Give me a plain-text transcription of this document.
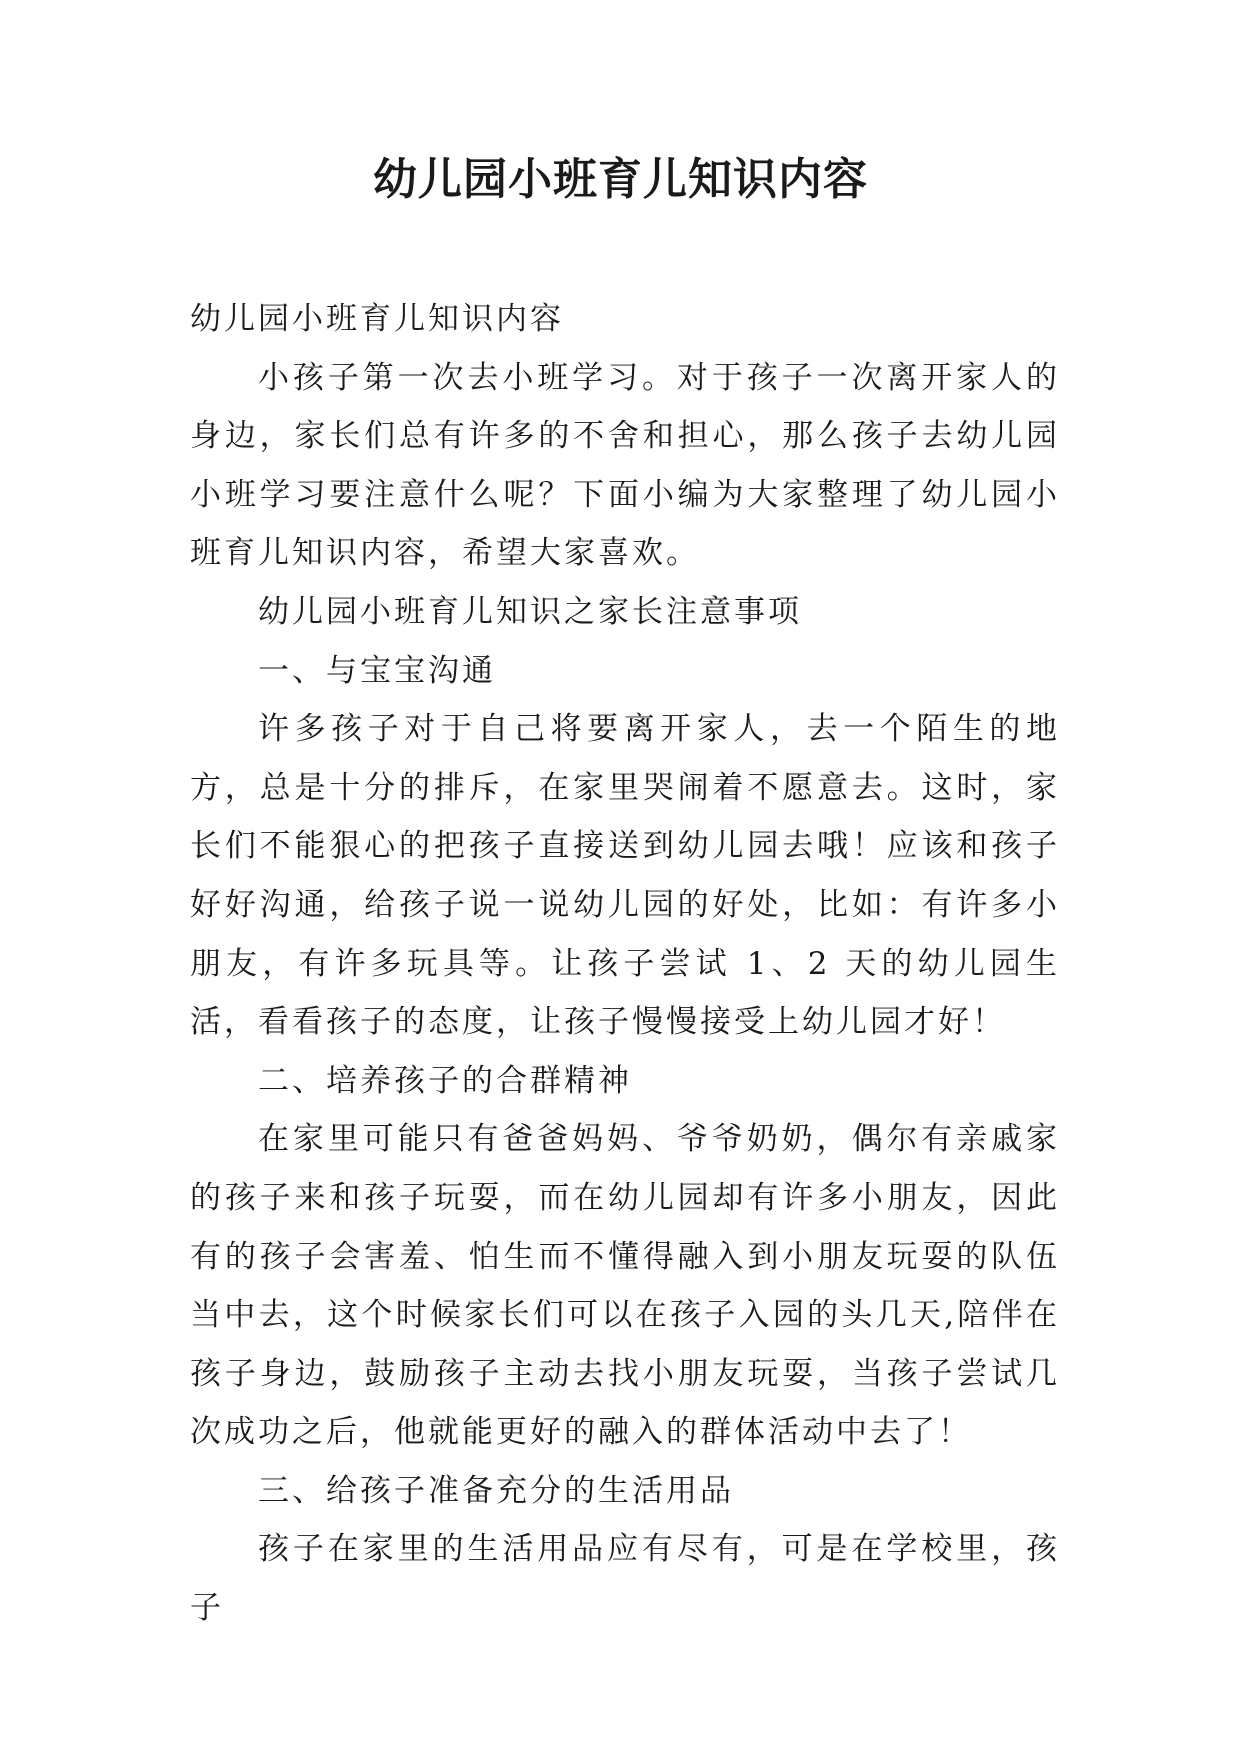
幼儿园小班育儿知识内容

幼儿园小班育儿知识内容

小孩子第一次去小班学习。对于孩子一次离开家人的身边，家长们总有许多的不舍和担心，那么孩子去幼儿园小班学习要注意什么呢？下面小编为大家整理了幼儿园小班育儿知识内容，希望大家喜欢。

幼儿园小班育儿知识之家长注意事项

一、与宝宝沟通

许多孩子对于自己将要离开家人，去一个陌生的地方，总是十分的排斥，在家里哭闹着不愿意去。这时，家长们不能狠心的把孩子直接送到幼儿园去哦！应该和孩子好好沟通，给孩子说一说幼儿园的好处，比如：有许多小朋友，有许多玩具等。让孩子尝试 1、2 天的幼儿园生活，看看孩子的态度，让孩子慢慢接受上幼儿园才好！

二、培养孩子的合群精神

在家里可能只有爸爸妈妈、爷爷奶奶，偶尔有亲戚家的孩子来和孩子玩耍，而在幼儿园却有许多小朋友，因此有的孩子会害羞、怕生而不懂得融入到小朋友玩耍的队伍当中去，这个时候家长们可以在孩子入园的头几天,陪伴在孩子身边，鼓励孩子主动去找小朋友玩耍，当孩子尝试几次成功之后，他就能更好的融入的群体活动中去了！

三、给孩子准备充分的生活用品

孩子在家里的生活用品应有尽有，可是在学校里，孩子
